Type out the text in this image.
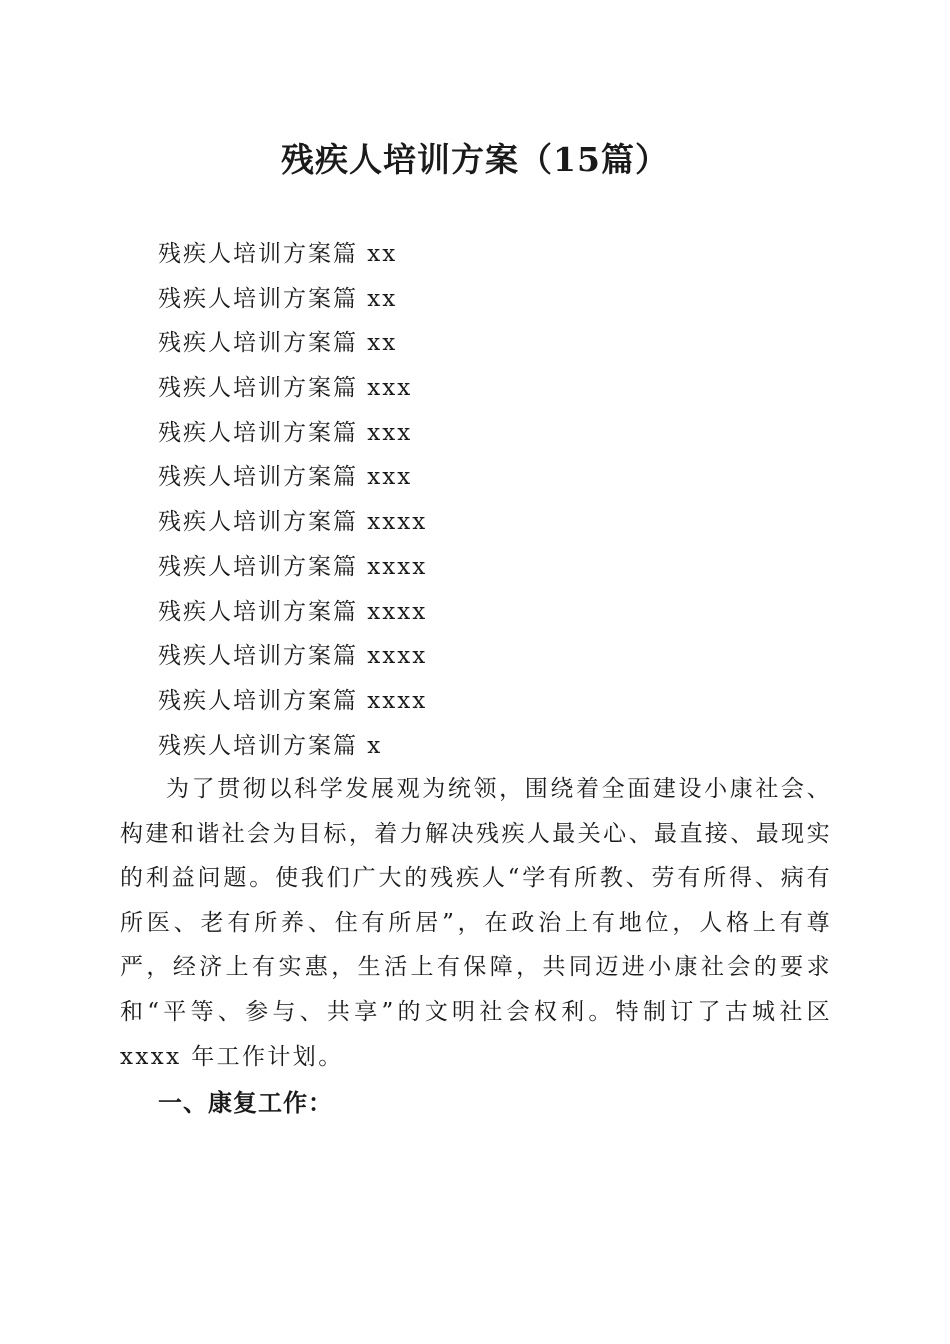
残疾人培训方案（15篇）
残疾人培训方案篇 xx
残疾人培训方案篇 xx
残疾人培训方案篇 xx
残疾人培训方案篇 xxx
残疾人培训方案篇 xxx
残疾人培训方案篇 xxx
残疾人培训方案篇 xxxx
残疾人培训方案篇 xxxx
残疾人培训方案篇 xxxx
残疾人培训方案篇 xxxx
残疾人培训方案篇 xxxx
残疾人培训方案篇 x

为了贯彻以科学发展观为统领，围绕着全面建设小康社会、构建和谐社会为目标，着力解决残疾人最关心、最直接、最现实的利益问题。使我们广大的残疾人“学有所教、劳有所得、病有所医、老有所养、住有所居”，在政治上有地位，人格上有尊严，经济上有实惠，生活上有保障，共同迈进小康社会的要求和“平等、参与、共享”的文明社会权利。特制订了古城社区 xxxx 年工作计划。

一、康复工作：
